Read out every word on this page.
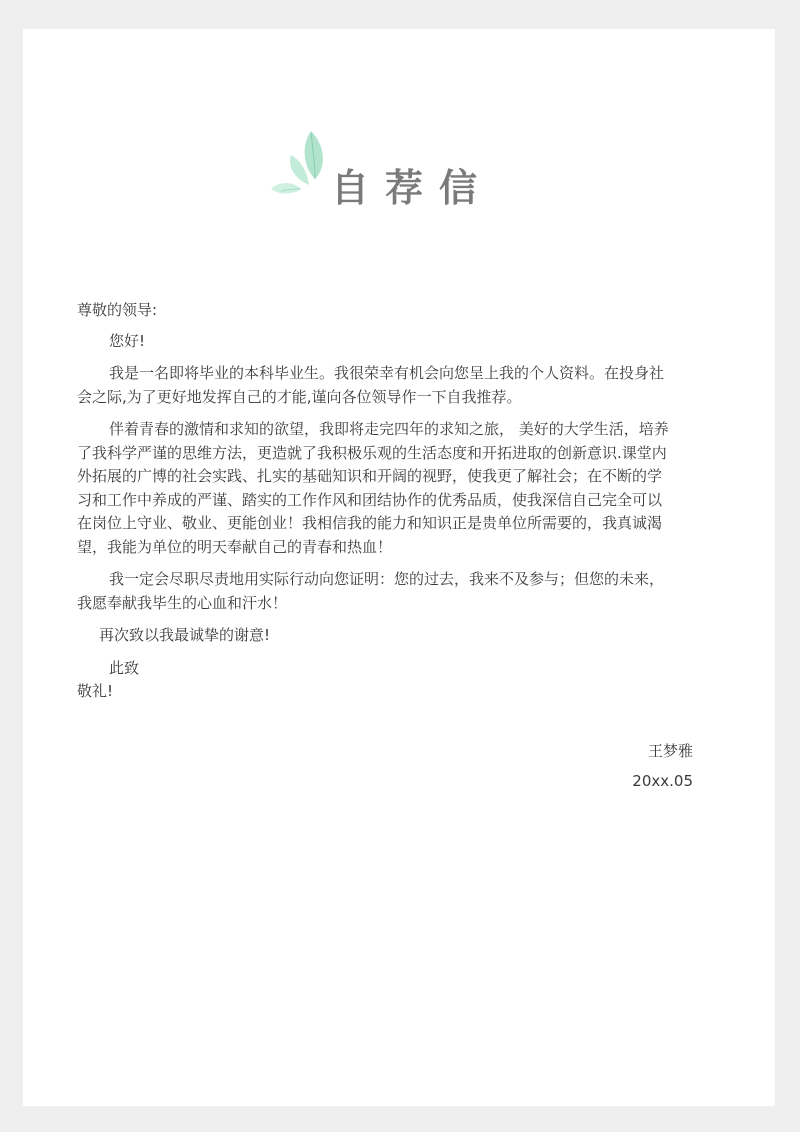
自荐信

尊敬的领导:

您好!

我是一名即将毕业的本科毕业生。我很荣幸有机会向您呈上我的个人资料。在投身社

会之际,为了更好地发挥自己的才能,谨向各位领导作一下自我推荐。

伴着青春的激情和求知的欲望，我即将走完四年的求知之旅， 美好的大学生活，培养

了我科学严谨的思维方法，更造就了我积极乐观的生活态度和开拓进取的创新意识.课堂内

外拓展的广博的社会实践、扎实的基础知识和开阔的视野，使我更了解社会；在不断的学

习和工作中养成的严谨、踏实的工作作风和团结协作的优秀品质，使我深信自己完全可以

在岗位上守业、敬业、更能创业！我相信我的能力和知识正是贵单位所需要的，我真诚渴

望，我能为单位的明天奉献自己的青春和热血！

我一定会尽职尽责地用实际行动向您证明：您的过去，我来不及参与；但您的未来，

我愿奉献我毕生的心血和汗水！

再次致以我最诚挚的谢意!

此致

敬礼!

王梦雅
20xx.05
